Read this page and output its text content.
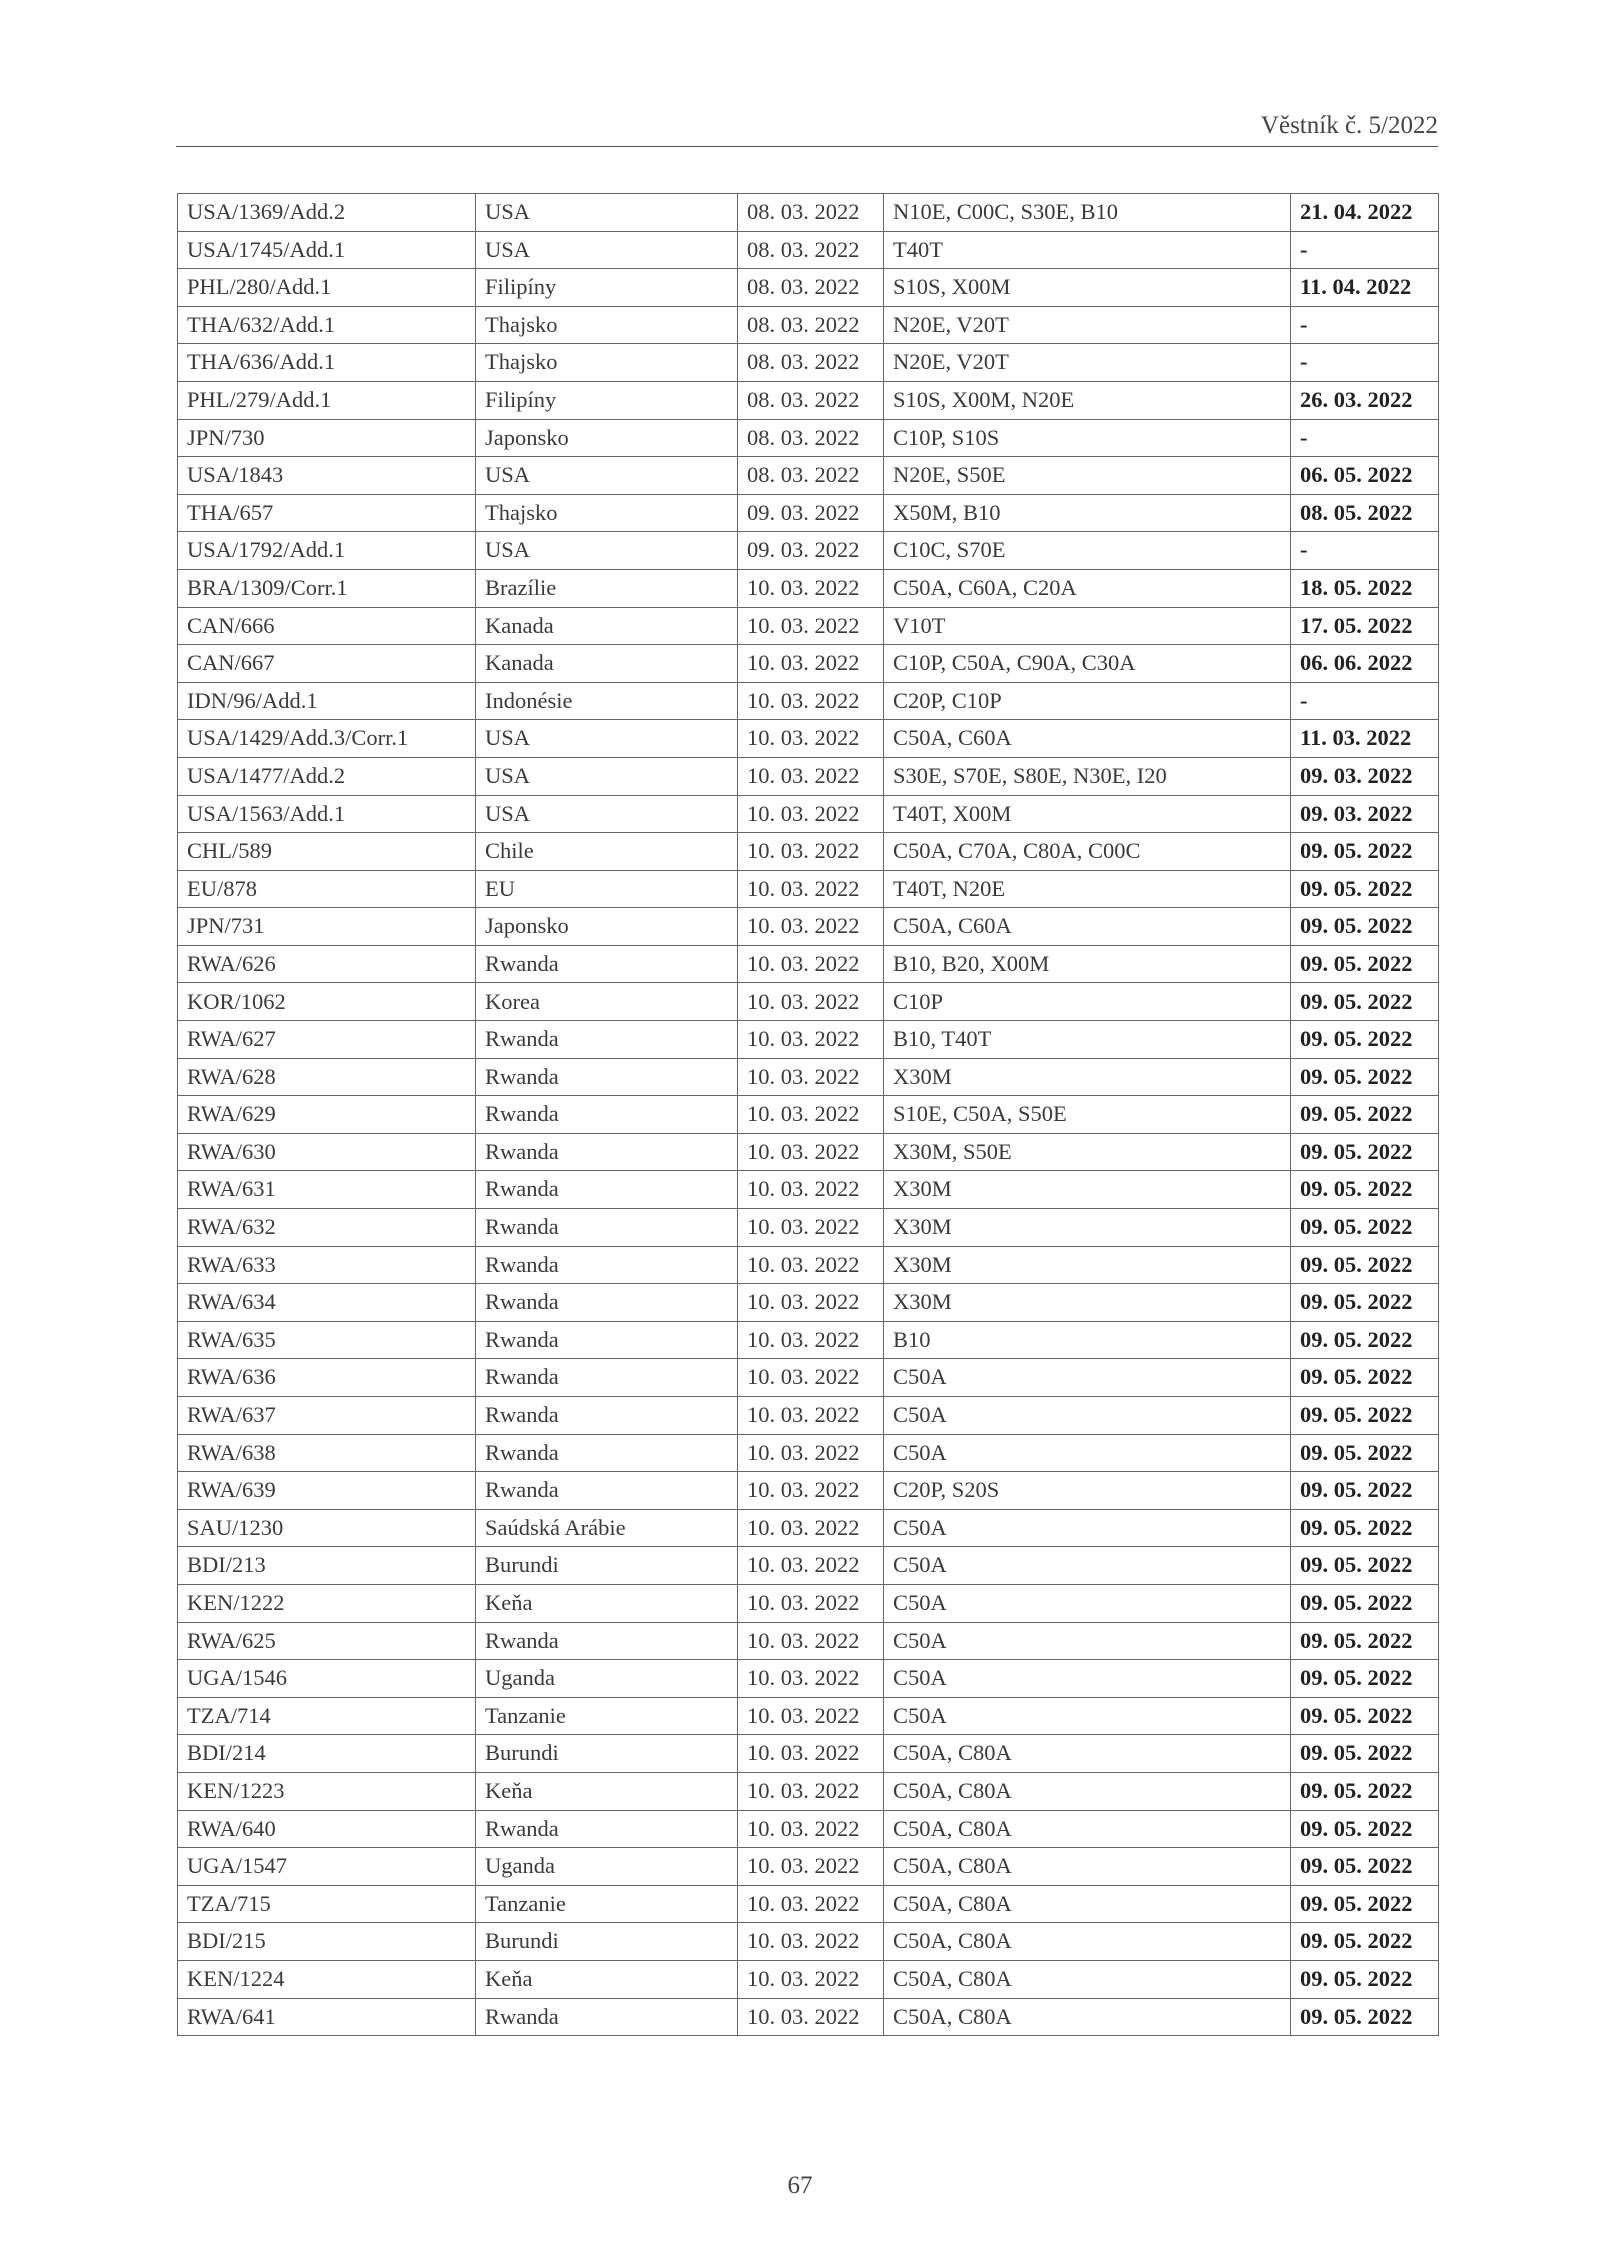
Věstník č. 5/2022
USA/1369/Add.2	USA	08. 03. 2022	N10E, C00C, S30E, B10	21. 04. 2022
USA/1745/Add.1	USA	08. 03. 2022	T40T	-
PHL/280/Add.1	Filipíny	08. 03. 2022	S10S, X00M	11. 04. 2022
THA/632/Add.1	Thajsko	08. 03. 2022	N20E, V20T	-
THA/636/Add.1	Thajsko	08. 03. 2022	N20E, V20T	-
PHL/279/Add.1	Filipíny	08. 03. 2022	S10S, X00M, N20E	26. 03. 2022
JPN/730	Japonsko	08. 03. 2022	C10P, S10S	-
USA/1843	USA	08. 03. 2022	N20E, S50E	06. 05. 2022
THA/657	Thajsko	09. 03. 2022	X50M, B10	08. 05. 2022
USA/1792/Add.1	USA	09. 03. 2022	C10C, S70E	-
BRA/1309/Corr.1	Brazílie	10. 03. 2022	C50A, C60A, C20A	18. 05. 2022
CAN/666	Kanada	10. 03. 2022	V10T	17. 05. 2022
CAN/667	Kanada	10. 03. 2022	C10P, C50A, C90A, C30A	06. 06. 2022
IDN/96/Add.1	Indonésie	10. 03. 2022	C20P, C10P	-
USA/1429/Add.3/Corr.1	USA	10. 03. 2022	C50A, C60A	11. 03. 2022
USA/1477/Add.2	USA	10. 03. 2022	S30E, S70E, S80E, N30E, I20	09. 03. 2022
USA/1563/Add.1	USA	10. 03. 2022	T40T, X00M	09. 03. 2022
CHL/589	Chile	10. 03. 2022	C50A, C70A, C80A, C00C	09. 05. 2022
EU/878	EU	10. 03. 2022	T40T, N20E	09. 05. 2022
JPN/731	Japonsko	10. 03. 2022	C50A, C60A	09. 05. 2022
RWA/626	Rwanda	10. 03. 2022	B10, B20, X00M	09. 05. 2022
KOR/1062	Korea	10. 03. 2022	C10P	09. 05. 2022
RWA/627	Rwanda	10. 03. 2022	B10, T40T	09. 05. 2022
RWA/628	Rwanda	10. 03. 2022	X30M	09. 05. 2022
RWA/629	Rwanda	10. 03. 2022	S10E, C50A, S50E	09. 05. 2022
RWA/630	Rwanda	10. 03. 2022	X30M, S50E	09. 05. 2022
RWA/631	Rwanda	10. 03. 2022	X30M	09. 05. 2022
RWA/632	Rwanda	10. 03. 2022	X30M	09. 05. 2022
RWA/633	Rwanda	10. 03. 2022	X30M	09. 05. 2022
RWA/634	Rwanda	10. 03. 2022	X30M	09. 05. 2022
RWA/635	Rwanda	10. 03. 2022	B10	09. 05. 2022
RWA/636	Rwanda	10. 03. 2022	C50A	09. 05. 2022
RWA/637	Rwanda	10. 03. 2022	C50A	09. 05. 2022
RWA/638	Rwanda	10. 03. 2022	C50A	09. 05. 2022
RWA/639	Rwanda	10. 03. 2022	C20P, S20S	09. 05. 2022
SAU/1230	Saúdská Arábie	10. 03. 2022	C50A	09. 05. 2022
BDI/213	Burundi	10. 03. 2022	C50A	09. 05. 2022
KEN/1222	Keňa	10. 03. 2022	C50A	09. 05. 2022
RWA/625	Rwanda	10. 03. 2022	C50A	09. 05. 2022
UGA/1546	Uganda	10. 03. 2022	C50A	09. 05. 2022
TZA/714	Tanzanie	10. 03. 2022	C50A	09. 05. 2022
BDI/214	Burundi	10. 03. 2022	C50A, C80A	09. 05. 2022
KEN/1223	Keňa	10. 03. 2022	C50A, C80A	09. 05. 2022
RWA/640	Rwanda	10. 03. 2022	C50A, C80A	09. 05. 2022
UGA/1547	Uganda	10. 03. 2022	C50A, C80A	09. 05. 2022
TZA/715	Tanzanie	10. 03. 2022	C50A, C80A	09. 05. 2022
BDI/215	Burundi	10. 03. 2022	C50A, C80A	09. 05. 2022
KEN/1224	Keňa	10. 03. 2022	C50A, C80A	09. 05. 2022
RWA/641	Rwanda	10. 03. 2022	C50A, C80A	09. 05. 2022
67
